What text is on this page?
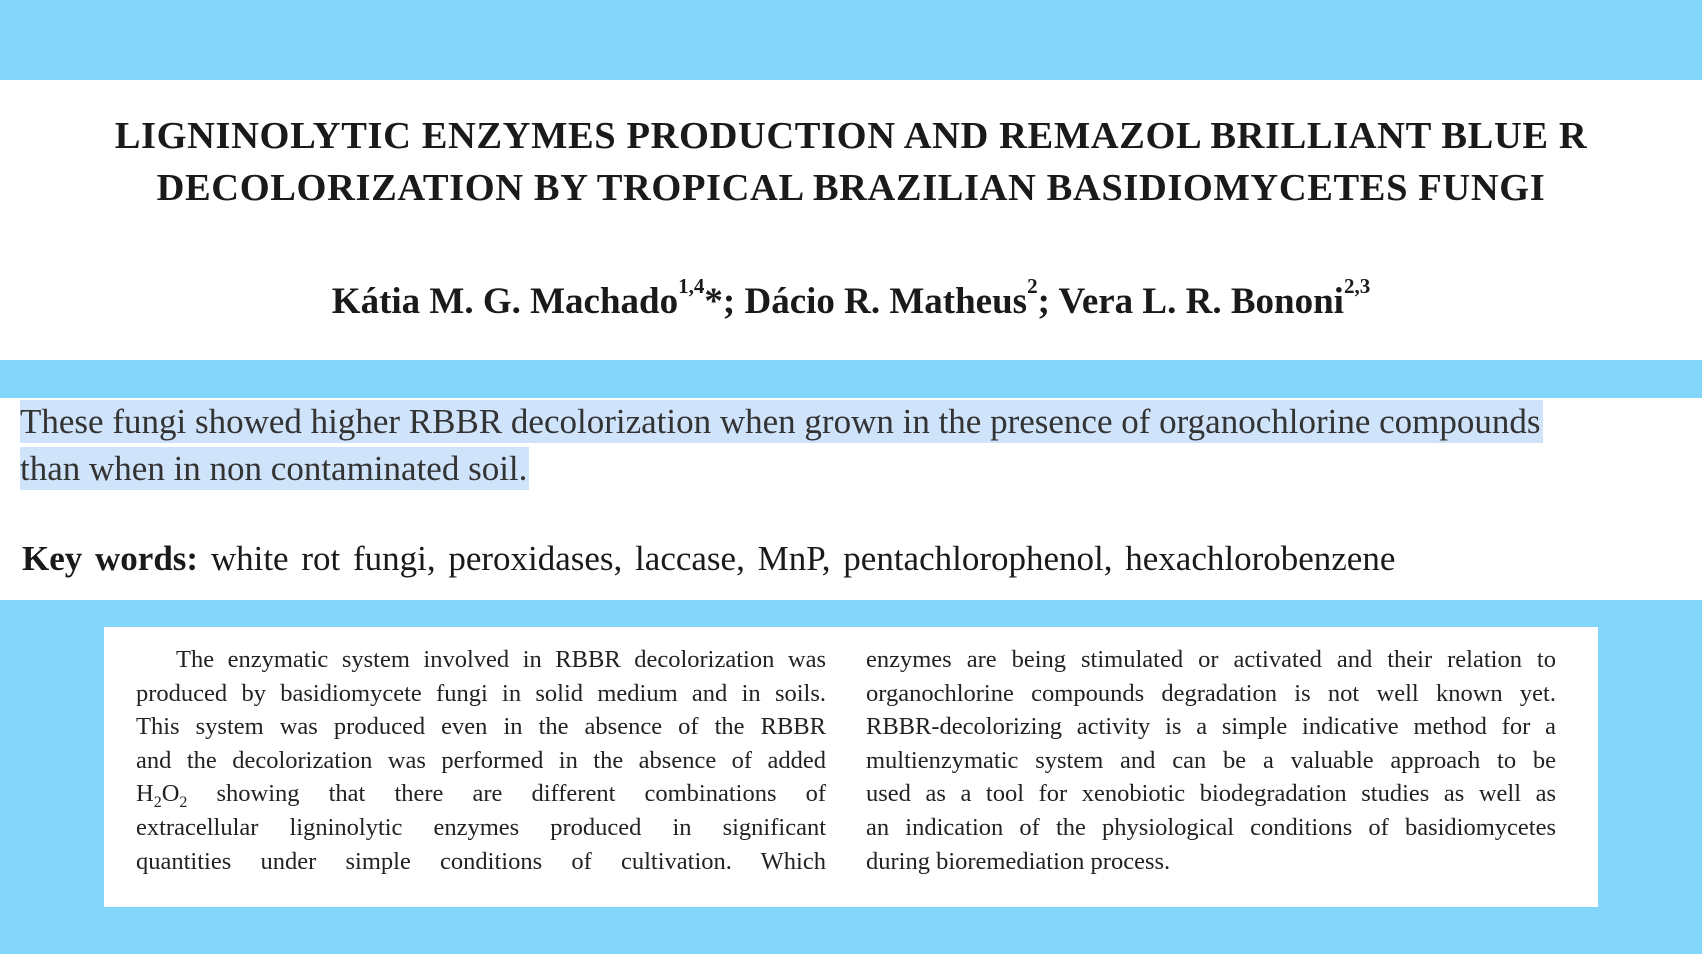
LIGNINOLYTIC ENZYMES PRODUCTION AND REMAZOL BRILLIANT BLUE R
DECOLORIZATION BY TROPICAL BRAZILIAN BASIDIOMYCETES FUNGI
Kátia M. G. Machado$^{1,4}$*; Dácio R. Matheus$^2$; Vera L. R. Bononi$^{2,3}$
These fungi showed higher RBBR decolorization when grown in the presence of organochlorine compounds
than when in non contaminated soil.
Key words: white rot fungi, peroxidases, laccase, MnP, pentachlorophenol, hexachlorobenzene
The enzymatic system involved in RBBR decolorization was
produced by basidiomycete fungi in solid medium and in soils.
This system was produced even in the absence of the RBBR
and the decolorization was performed in the absence of added
$H_2O_2$ showing that there are different combinations of
extracellular ligninolytic enzymes produced in significant
quantities under simple conditions of cultivation. Which
enzymes are being stimulated or activated and their relation to
organochlorine compounds degradation is not well known yet.
RBBR-decolorizing activity is a simple indicative method for a
multienzymatic system and can be a valuable approach to be
used as a tool for xenobiotic biodegradation studies as well as
an indication of the physiological conditions of basidiomycetes
during bioremediation process.
